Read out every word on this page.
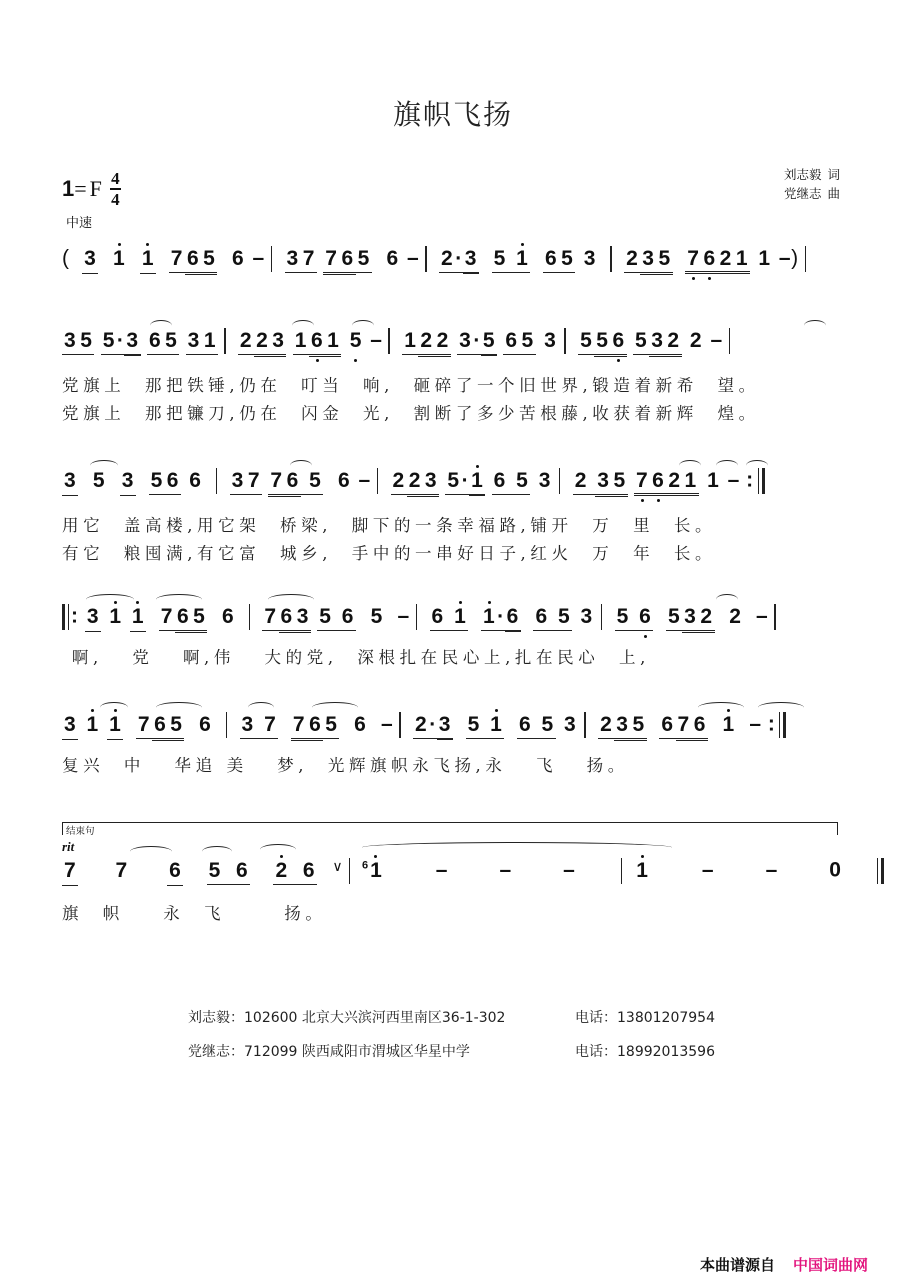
旗帜飞扬
1 = F 4
4
中速
刘志毅 词
党继志 曲
( 3 1 1 7 6 5 6 – 3 7 7 6 5 6 – 2·3 5 1 6 5 3 2 3 5 7 6 2 1 1 –)
3 5 5·3 6 5 3 1 2 2 3 1 6 1 5 – 1 2 2 3·5 6 5 3 5 5 6 5 3 2 2 –
党旗上  那把铁锤,仍在  叮当  响,  砸碎了一个旧世界,锻造着新希  望。
党旗上  那把镰刀,仍在  闪金  光,  割断了多少苦根藤,收获着新辉  煌。
3 5 3 5 6 6 3 7 7 6 5 6 – 2 2 3 5·1 6 5 3 2 3 5 7 6 2 1 1 – :
用它  盖高楼,用它架  桥梁,  脚下的一条幸福路,铺开  万  里  长。
有它  粮囤满,有它富  城乡,  手中的一串好日子,红火  万  年  长。
: 3 1 1 7 6 5 6 7 6 3 5 6 5  – 6 1 1·6 6 5 3 5 6 5 3 2 2  –
啊,   党   啊,伟   大的党,  深根扎在民心上,扎在民心  上,
3 1 1 7 6 5 6 3 7 7 6 5 6  – 2·3 5 1 6 5 3 2 3 5 6 7 6 1  – :
复兴  中   华追 美   梦,  光辉旗帜永飞扬,永   飞   扬。
结束句
rit
7 7 6 5 6 2 6 ∨ $^6$1	– – –	1	– – 0
旗  帜    永  飞      扬。
刘志毅：102600 北京大兴滨河西里南区36-1-302	电话：13801207954
党继志：712099 陕西咸阳市渭城区华星中学	电话：18992013596
本曲谱源自 中国词曲网
